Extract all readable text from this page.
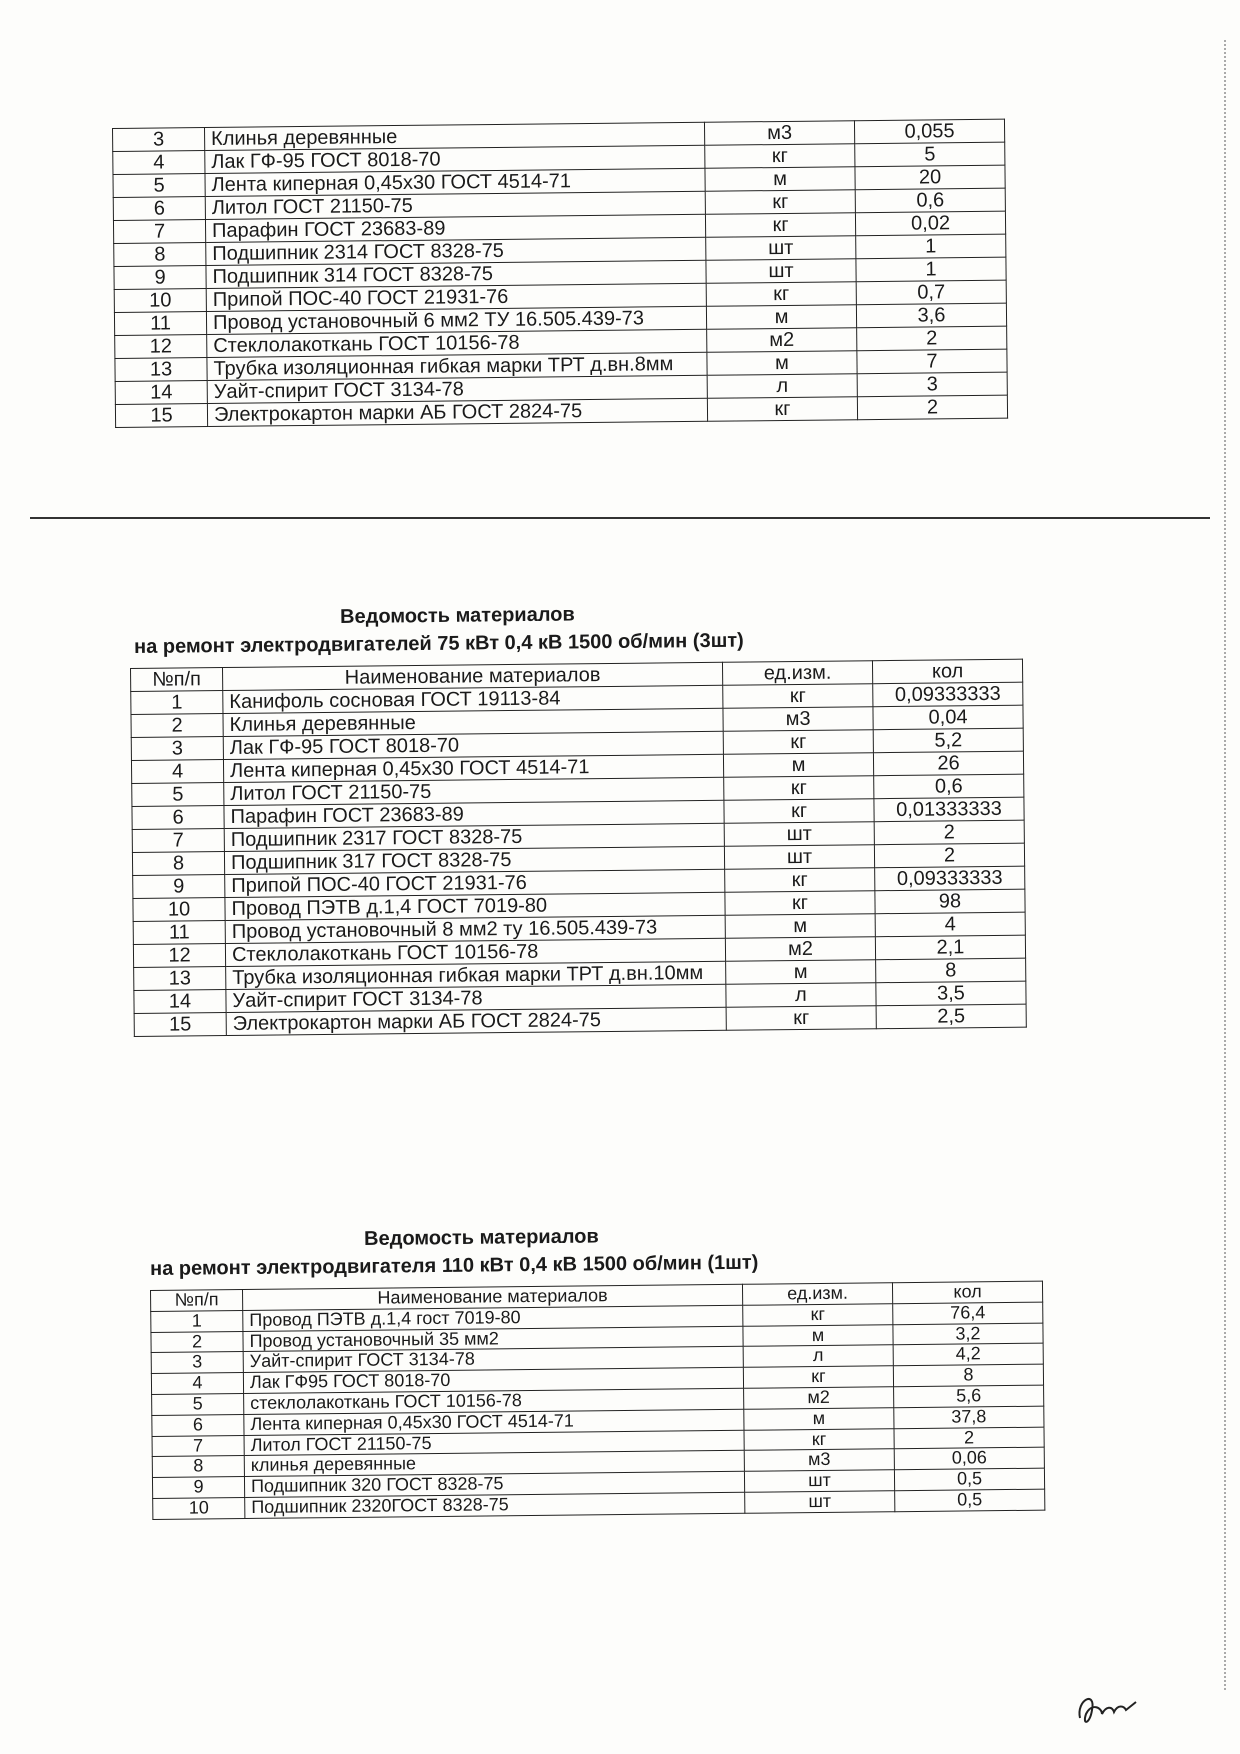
3	Клинья деревянные	м3	0,055
4	Лак ГФ-95 ГОСТ 8018-70	кг	5
5	Лента киперная 0,45х30 ГОСТ 4514-71	м	20
6	Литол ГОСТ 21150-75	кг	0,6
7	Парафин ГОСТ 23683-89	кг	0,02
8	Подшипник 2314 ГОСТ 8328-75	шт	1
9	Подшипник 314 ГОСТ 8328-75	шт	1
10	Припой ПОС-40 ГОСТ 21931-76	кг	0,7
11	Провод установочный 6 мм2 ТУ 16.505.439-73	м	3,6
12	Стеклолакоткань ГОСТ 10156-78	м2	2
13	Трубка изоляционная гибкая марки ТРТ д.вн.8мм	м	7
14	Уайт-спирит ГОСТ 3134-78	л	3
15	Электрокартон марки АБ ГОСТ 2824-75	кг	2
Ведомость материалов
на ремонт электродвигателей 75 кВт 0,4 кВ 1500 об/мин (3шт)
№п/п	Наименование материалов	ед.изм.	кол
1	Канифоль сосновая ГОСТ 19113-84	кг	0,09333333
2	Клинья деревянные	м3	0,04
3	Лак ГФ-95 ГОСТ 8018-70	кг	5,2
4	Лента киперная 0,45х30 ГОСТ 4514-71	м	26
5	Литол ГОСТ 21150-75	кг	0,6
6	Парафин ГОСТ 23683-89	кг	0,01333333
7	Подшипник 2317 ГОСТ 8328-75	шт	2
8	Подшипник 317 ГОСТ 8328-75	шт	2
9	Припой ПОС-40 ГОСТ 21931-76	кг	0,09333333
10	Провод ПЭТВ д.1,4 ГОСТ 7019-80	кг	98
11	Провод установочный 8 мм2 ту 16.505.439-73	м	4
12	Стеклолакоткань ГОСТ 10156-78	м2	2,1
13	Трубка изоляционная гибкая марки ТРТ д.вн.10мм	м	8
14	Уайт-спирит ГОСТ 3134-78	л	3,5
15	Электрокартон марки АБ ГОСТ 2824-75	кг	2,5
Ведомость материалов
на ремонт электродвигателя 110 кВт 0,4 кВ 1500 об/мин (1шт)
№п/п	Наименование материалов	ед.изм.	кол
1	Провод ПЭТВ д.1,4 гост 7019-80	кг	76,4
2	Провод установочный 35 мм2	м	3,2
3	Уайт-спирит ГОСТ 3134-78	л	4,2
4	Лак ГФ95 ГОСТ 8018-70	кг	8
5	стеклолакоткань ГОСТ 10156-78	м2	5,6
6	Лента киперная 0,45х30 ГОСТ 4514-71	м	37,8
7	Литол ГОСТ 21150-75	кг	2
8	клинья деревянные	м3	0,06
9	Подшипник 320 ГОСТ 8328-75	шт	0,5
10	Подшипник 2320ГОСТ 8328-75	шт	0,5
